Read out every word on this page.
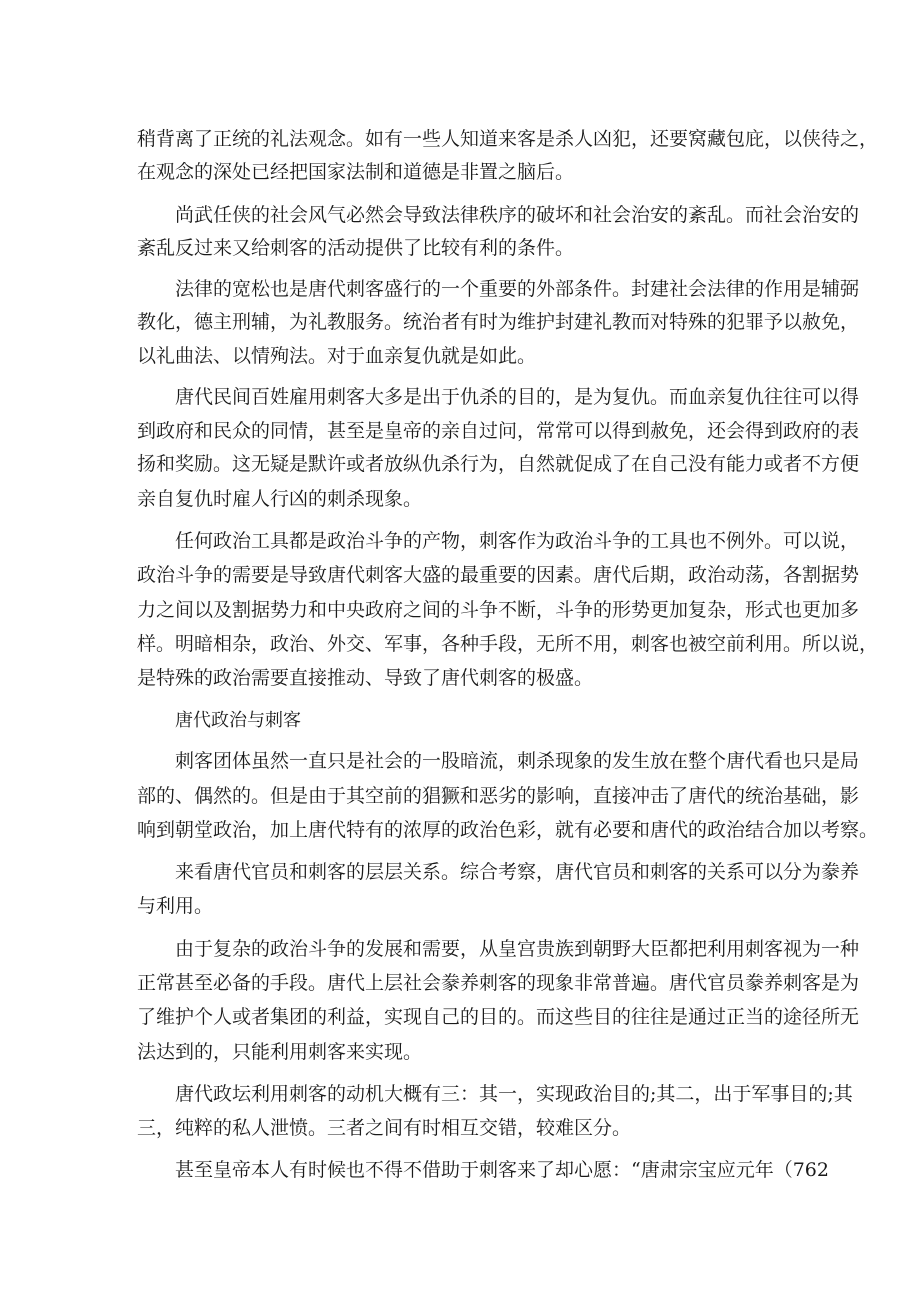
稍背离了正统的礼法观念。如有一些人知道来客是杀人凶犯，还要窝藏包庇，以侠待之，
在观念的深处已经把国家法制和道德是非置之脑后。
尚武任侠的社会风气必然会导致法律秩序的破坏和社会治安的紊乱。而社会治安的
紊乱反过来又给刺客的活动提供了比较有利的条件。
法律的宽松也是唐代刺客盛行的一个重要的外部条件。封建社会法律的作用是辅弼
教化，德主刑辅，为礼教服务。统治者有时为维护封建礼教而对特殊的犯罪予以赦免，
以礼曲法、以情殉法。对于血亲复仇就是如此。
唐代民间百姓雇用刺客大多是出于仇杀的目的，是为复仇。而血亲复仇往往可以得
到政府和民众的同情，甚至是皇帝的亲自过问，常常可以得到赦免，还会得到政府的表
扬和奖励。这无疑是默许或者放纵仇杀行为，自然就促成了在自己没有能力或者不方便
亲自复仇时雇人行凶的刺杀现象。
任何政治工具都是政治斗争的产物，刺客作为政治斗争的工具也不例外。可以说，
政治斗争的需要是导致唐代刺客大盛的最重要的因素。唐代后期，政治动荡，各割据势
力之间以及割据势力和中央政府之间的斗争不断，斗争的形势更加复杂，形式也更加多
样。明暗相杂，政治、外交、军事，各种手段，无所不用，刺客也被空前利用。所以说，
是特殊的政治需要直接推动、导致了唐代刺客的极盛。
唐代政治与刺客
刺客团体虽然一直只是社会的一股暗流，刺杀现象的发生放在整个唐代看也只是局
部的、偶然的。但是由于其空前的猖獗和恶劣的影响，直接冲击了唐代的统治基础，影
响到朝堂政治，加上唐代特有的浓厚的政治色彩，就有必要和唐代的政治结合加以考察。
来看唐代官员和刺客的层层关系。综合考察，唐代官员和刺客的关系可以分为豢养
与利用。
由于复杂的政治斗争的发展和需要，从皇宫贵族到朝野大臣都把利用刺客视为一种
正常甚至必备的手段。唐代上层社会豢养刺客的现象非常普遍。唐代官员豢养刺客是为
了维护个人或者集团的利益，实现自己的目的。而这些目的往往是通过正当的途径所无
法达到的，只能利用刺客来实现。
唐代政坛利用刺客的动机大概有三：其一，实现政治目的;其二，出于军事目的;其
三，纯粹的私人泄愤。三者之间有时相互交错，较难区分。
甚至皇帝本人有时候也不得不借助于刺客来了却心愿：“唐肃宗宝应元年（762
